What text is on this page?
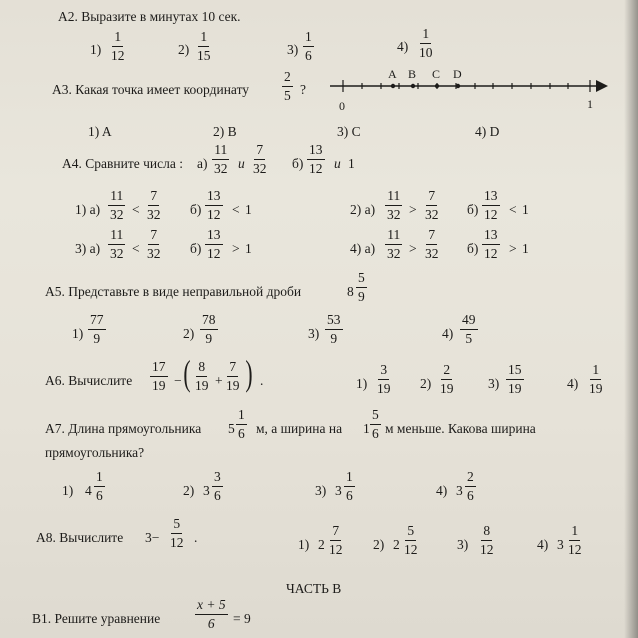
A2. Выразите в минутах 10 сек.
$1) \frac{1}{12}$	$2) \frac{1}{15}$	$3) \frac{1}{6}$	$4) \frac{1}{10}$
A3. Какая точка имеет координату $\frac{2}{5}$ ?
A B C D
0	1
1) A	2) B	3) C	4) D
A4. Сравните числа : $а) \frac{11}{32}$ и $\frac{7}{32} б) \frac{13}{12}$ и 1
1) $а) \frac{11}{32} < \frac{7}{32} б) \frac{13}{12} < 1$	2) $а) \frac{11}{32} > \frac{7}{32} б) \frac{13}{12} < 1$
3) $а) \frac{11}{32} < \frac{7}{32} б) \frac{13}{12} > 1$	4) $а) \frac{11}{32} > \frac{7}{32} б) \frac{13}{12} > 1$
A5. Представьте в виде неправильной дроби	$8 \frac{5}{9}$
$1) \frac{77}{9}$	$2) \frac{78}{9}$	$3) \frac{53}{9}$	$4) \frac{49}{5}$
A6. Вычислите $\frac{17}{19}$ − ( $\frac{8}{19} + \frac{7}{19}$ ) .	$1) \frac{3}{19} 2) \frac{2}{19} 3) \frac{15}{19}$	$4) \frac{1}{19}$
A7. Длина прямоугольника $5 \frac{1}{6} м$, а ширина на $1 \frac{5}{6}$ м меньше. Какова ширина
прямоугольника?
1) $4 \frac{1}{6}$	2) $3 \frac{3}{6}$	3) $3 \frac{1}{6}$	4) $3 \frac{2}{6}$
A8. Вычислите $3- \frac{5}{12}$ .	1) $2 \frac{7}{12} 2$) $2 \frac{5}{12}$	$3) \frac{8}{12}$	4) $3 \frac{1}{12}$
ЧАСТЬ В
B1. Решите уравнение	$\frac{x + 5}{6} = 9$
